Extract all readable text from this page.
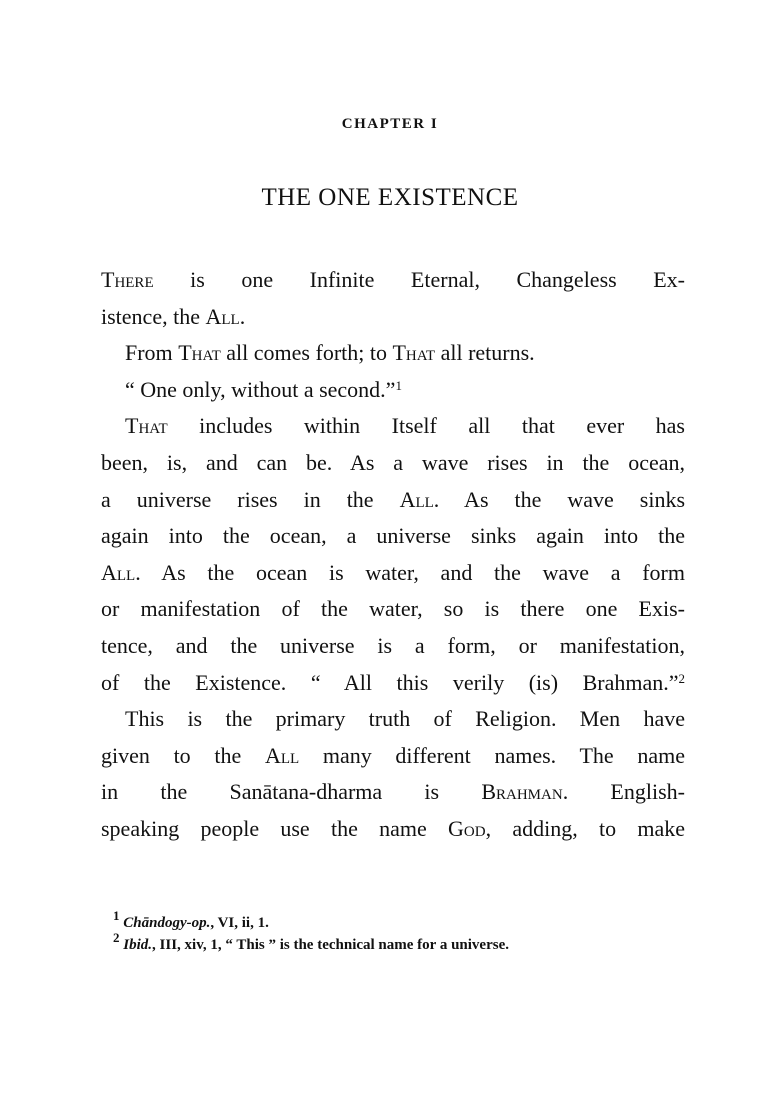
CHAPTER I
THE ONE EXISTENCE
There is one Infinite Eternal, Changeless Ex-
istence, the All.
From That all comes forth; to That all returns.
“ One only, without a second.”$^1$
That includes within Itself all that ever has
been, is, and can be. As a wave rises in the ocean,
a universe rises in the All. As the wave sinks
again into the ocean, a universe sinks again into the
All. As the ocean is water, and the wave a form
or manifestation of the water, so is there one Exis-
tence, and the universe is a form, or manifestation,
of the Existence. “ All this verily (is) Brahman.”$^2$
This is the primary truth of Religion. Men have
given to the All many different names. The name
in the Sanātana-dharma is Brahman. English-
speaking people use the name God, adding, to make
$^1$ Chāndogy-op., VI, ii, 1.
$^2$ Ibid., III, xiv, 1, “ This ” is the technical name for a universe.
